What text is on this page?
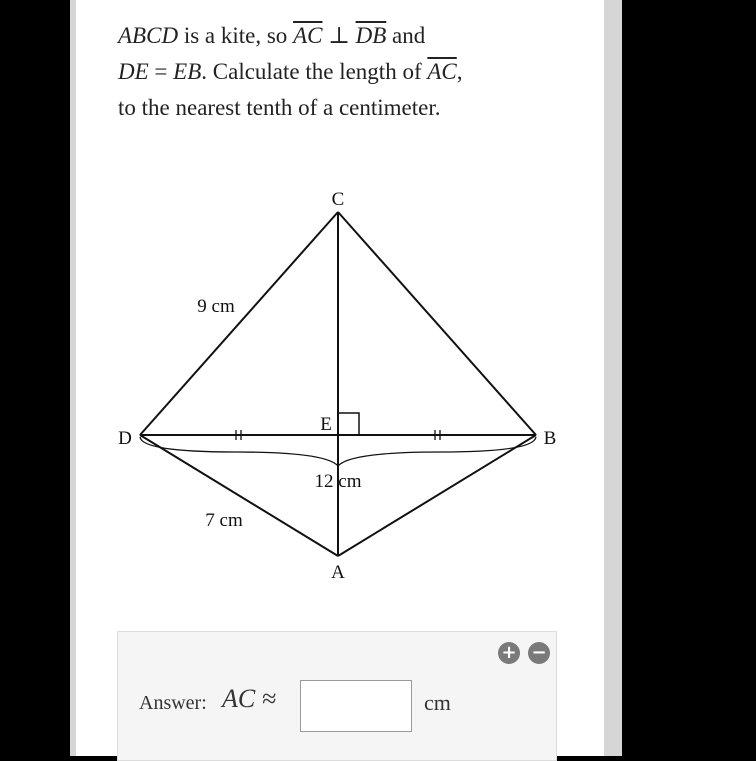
ABCD is a kite, so $\overline{AC}$ ⊥ $\overline{DB}$ and
DE = EB. Calculate the length of $\overline{AC}$,
to the nearest tenth of a centimeter.
C
D	B
E
A
9 cm
7 cm
12 cm
+ −
Answer: AC ≈	cm
